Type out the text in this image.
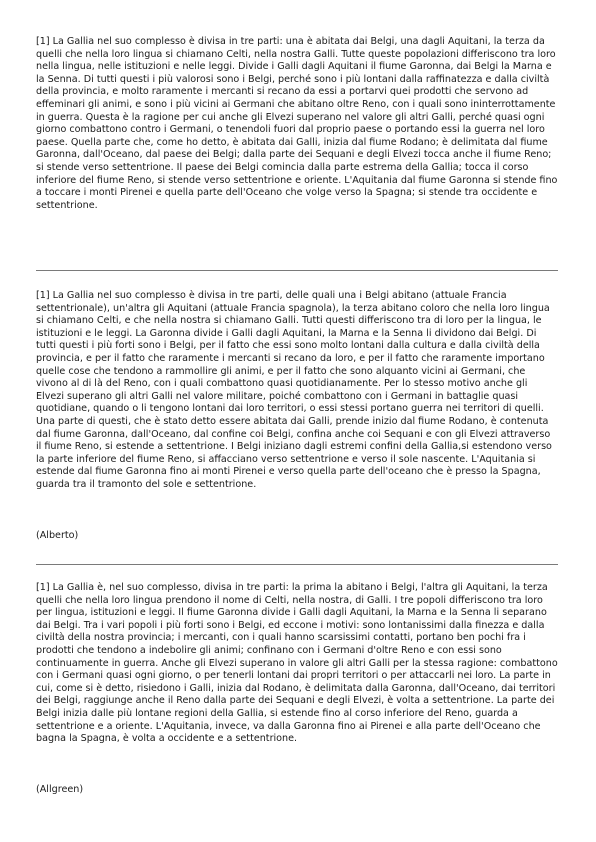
[1] La Gallia nel suo complesso è divisa in tre parti: una è abitata dai Belgi, una dagli Aquitani, la terza da quelli che nella loro lingua si chiamano Celti, nella nostra Galli. Tutte queste popolazioni differiscono tra loro nella lingua, nelle istituzioni e nelle leggi. Divide i Galli dagli Aquitani il fiume Garonna, dai Belgi la Marna e la Senna. Di tutti questi i più valorosi sono i Belgi, perché sono i più lontani dalla raffinatezza e dalla civiltà della provincia, e molto raramente i mercanti si recano da essi a portarvi quei prodotti che servono ad effeminari gli animi, e sono i più vicini ai Germani che abitano oltre Reno, con i quali sono ininterrottamente in guerra. Questa è la ragione per cui anche gli Elvezi superano nel valore gli altri Galli, perché quasi ogni giorno combattono contro i Germani, o tenendoli fuori dal proprio paese o portando essi la guerra nel loro paese. Quella parte che, come ho detto, è abitata dai Galli, inizia dal fiume Rodano; è delimitata dal fiume Garonna, dall'Oceano, dal paese dei Belgi; dalla parte dei Sequani e degli Elvezi tocca anche il fiume Reno; si stende verso settentrione. Il paese dei Belgi comincia dalla parte estrema della Gallia; tocca il corso inferiore del fiume Reno, si stende verso settentrione e oriente. L'Aquitania dal fiume Garonna si stende fino a toccare i monti Pirenei e quella parte dell'Oceano che volge verso la Spagna; si stende tra occidente e settentrione.

[1] La Gallia nel suo complesso è divisa in tre parti, delle quali una i Belgi abitano (attuale Francia settentrionale), un'altra gli Aquitani (attuale Francia spagnola), la terza abitano coloro che nella loro lingua si chiamano Celti, e che nella nostra si chiamano Galli. Tutti questi differiscono tra di loro per la lingua, le istituzioni e le leggi. La Garonna divide i Galli dagli Aquitani, la Marna e la Senna li dividono dai Belgi. Di tutti questi i più forti sono i Belgi, per il fatto che essi sono molto lontani dalla cultura e dalla civiltà della provincia, e per il fatto che raramente i mercanti si recano da loro, e per il fatto che raramente importano quelle cose che tendono a rammollire gli animi, e per il fatto che sono alquanto vicini ai Germani, che vivono al di là del Reno, con i quali combattono quasi quotidianamente. Per lo stesso motivo anche gli Elvezi superano gli altri Galli nel valore militare, poiché combattono con i Germani in battaglie quasi quotidiane, quando o li tengono lontani dai loro territori, o essi stessi portano guerra nei territori di quelli. Una parte di questi, che è stato detto essere abitata dai Galli, prende inizio dal fiume Rodano, è contenuta dal fiume Garonna, dall'Oceano, dal confine coi Belgi, confina anche coi Sequani e con gli Elvezi attraverso il fiume Reno, si estende a settentrione. I Belgi iniziano dagli estremi confini della Gallia,si estendono verso la parte inferiore del fiume Reno, si affacciano verso settentrione e verso il sole nascente. L'Aquitania si estende dal fiume Garonna fino ai monti Pirenei e verso quella parte dell'oceano che è presso la Spagna, guarda tra il tramonto del sole e settentrione.

(Alberto)

[1] La Gallia è, nel suo complesso, divisa in tre parti: la prima la abitano i Belgi, l'altra gli Aquitani, la terza quelli che nella loro lingua prendono il nome di Celti, nella nostra, di Galli. I tre popoli differiscono tra loro per lingua, istituzioni e leggi. Il fiume Garonna divide i Galli dagli Aquitani, la Marna e la Senna li separano dai Belgi. Tra i vari popoli i più forti sono i Belgi, ed eccone i motivi: sono lontanissimi dalla finezza e dalla civiltà della nostra provincia; i mercanti, con i quali hanno scarsissimi contatti, portano ben pochi fra i prodotti che tendono a indebolire gli animi; confinano con i Germani d'oltre Reno e con essi sono continuamente in guerra. Anche gli Elvezi superano in valore gli altri Galli per la stessa ragione: combattono con i Germani quasi ogni giorno, o per tenerli lontani dai propri territori o per attaccarli nei loro. La parte in cui, come si è detto, risiedono i Galli, inizia dal Rodano, è delimitata dalla Garonna, dall'Oceano, dai territori dei Belgi, raggiunge anche il Reno dalla parte dei Sequani e degli Elvezi, è volta a settentrione. La parte dei Belgi inizia dalle più lontane regioni della Gallia, si estende fino al corso inferiore del Reno, guarda a settentrione e a oriente. L'Aquitania, invece, va dalla Garonna fino ai Pirenei e alla parte dell'Oceano che bagna la Spagna, è volta a occidente e a settentrione.

(Allgreen)
